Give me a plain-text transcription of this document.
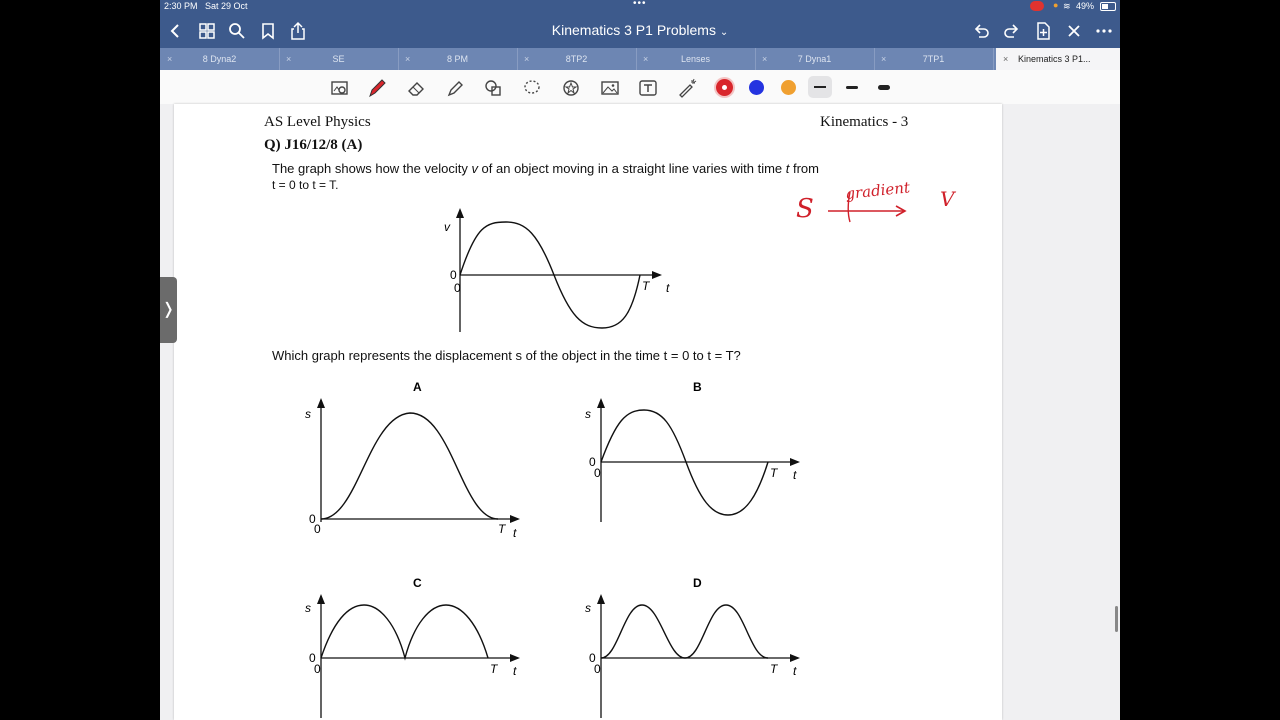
2:30 PM Sat 29 Oct	•••	● ≋ 49%
Kinematics 3 P1 Problems ⌄
×	8 Dyna2	×	SE	×	8 PM	×	8TP2	×	Lenses	×	7 Dyna1	×	7TP1	× Kinematics 3 P1...
AS Level Physics	Kinematics - 3
Q) J16/12/8 (A)
The graph shows how the velocity v of an object moving in a straight line varies with time t from
t = 0 to t = T.
v
0
0	T t
Which graph represents the displacement s of the object in the time t = 0 to t = T?
A
s
0
0	T t
B
s
0
0	T t
C
s
0
0	T t
D
s
0
0	T t
S
gradient V
❭
